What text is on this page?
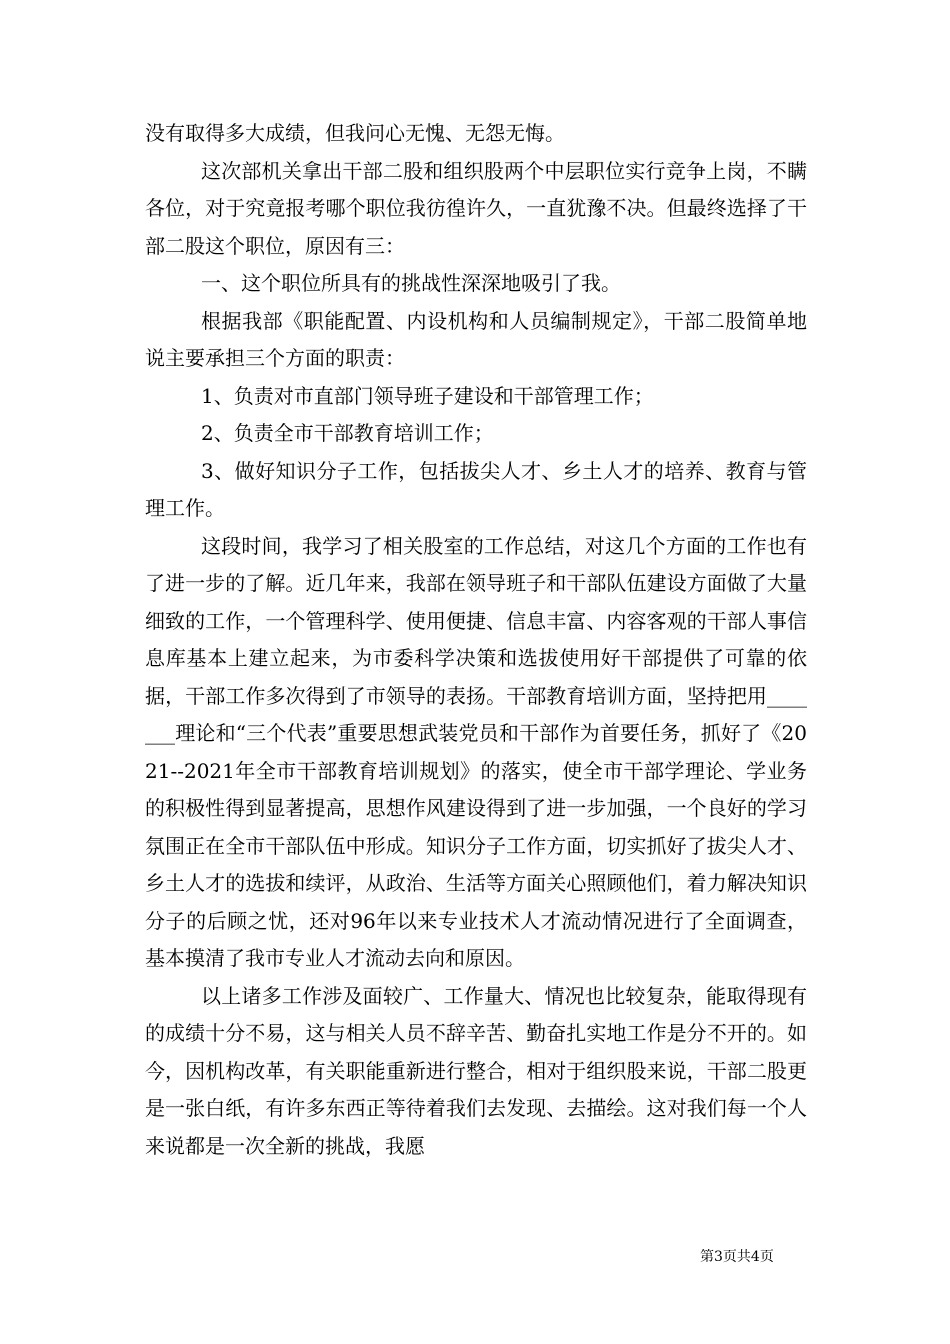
没有取得多大成绩，但我问心无愧、无怨无悔。

这次部机关拿出干部二股和组织股两个中层职位实行竞争上岗，不瞒各位，对于究竟报考哪个职位我彷徨许久，一直犹豫不决。但最终选择了干部二股这个职位，原因有三：

一、这个职位所具有的挑战性深深地吸引了我。

根据我部《职能配置、内设机构和人员编制规定》，干部二股简单地说主要承担三个方面的职责：

1、负责对市直部门领导班子建设和干部管理工作；

2、负责全市干部教育培训工作；

3、做好知识分子工作，包括拔尖人才、乡土人才的培养、教育与管理工作。

这段时间，我学习了相关股室的工作总结，对这几个方面的工作也有了进一步的了解。近几年来，我部在领导班子和干部队伍建设方面做了大量细致的工作，一个管理科学、使用便捷、信息丰富、内容客观的干部人事信息库基本上建立起来，为市委科学决策和选拔使用好干部提供了可靠的依据，干部工作多次得到了市领导的表扬。干部教育培训方面，坚持把用_______理论和“三个代表”重要思想武装党员和干部作为首要任务，抓好了《2021--2021年全市干部教育培训规划》的落实，使全市干部学理论、学业务的积极性得到显著提高，思想作风建设得到了进一步加强，一个良好的学习氛围正在全市干部队伍中形成。知识分子工作方面，切实抓好了拔尖人才、乡土人才的选拔和续评，从政治、生活等方面关心照顾他们，着力解决知识分子的后顾之忧，还对96年以来专业技术人才流动情况进行了全面调查，基本摸清了我市专业人才流动去向和原因。

以上诸多工作涉及面较广、工作量大、情况也比较复杂，能取得现有的成绩十分不易，这与相关人员不辞辛苦、勤奋扎实地工作是分不开的。如今，因机构改革，有关职能重新进行整合，相对于组织股来说，干部二股更是一张白纸，有许多东西正等待着我们去发现、去描绘。这对我们每一个人来说都是一次全新的挑战，我愿

第3页共4页
